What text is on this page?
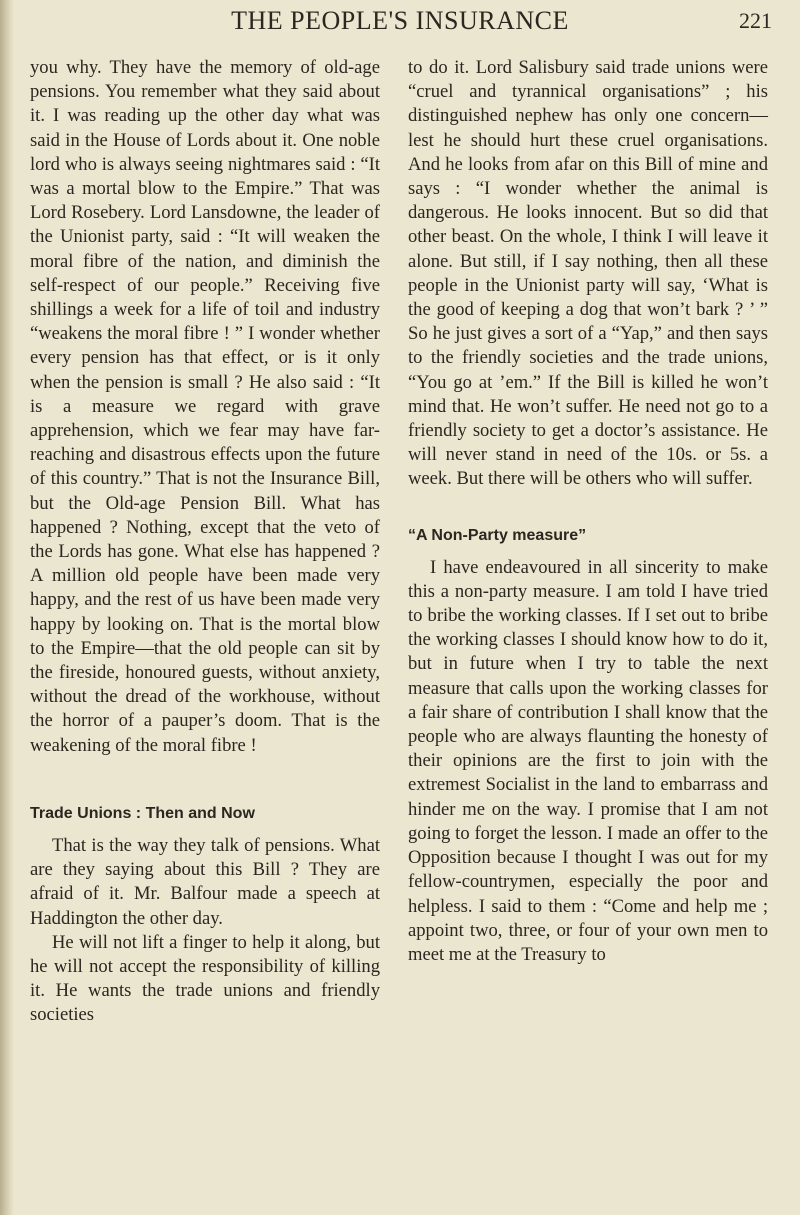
THE PEOPLE'S INSURANCE	221

you why. They have the memory of old-age pensions. You remember what they said about it. I was reading up the other day what was said in the House of Lords about it. One noble lord who is always seeing nightmares said : “It was a mortal blow to the Empire.” That was Lord Rosebery. Lord Lansdowne, the leader of the Unionist party, said : “It will weaken the moral fibre of the nation, and diminish the self-respect of our people.” Receiving five shillings a week for a life of toil and industry “weakens the moral fibre ! ” I wonder whether every pension has that effect, or is it only when the pension is small ? He also said : “It is a measure we regard with grave apprehension, which we fear may have far-reaching and disastrous effects upon the future of this country.” That is not the Insurance Bill, but the Old-age Pension Bill. What has happened ? Nothing, except that the veto of the Lords has gone. What else has happened ? A million old people have been made very happy, and the rest of us have been made very happy by looking on. That is the mortal blow to the Empire—that the old people can sit by the fireside, honoured guests, without anxiety, without the dread of the workhouse, without the horror of a pauper’s doom. That is the weakening of the moral fibre !

Trade Unions : Then and Now

That is the way they talk of pensions. What are they saying about this Bill ? They are afraid of it. Mr. Balfour made a speech at Haddington the other day.

He will not lift a finger to help it along, but he will not accept the responsibility of killing it. He wants the trade unions and friendly societies

to do it. Lord Salisbury said trade unions were “cruel and tyrannical organisations” ; his distinguished nephew has only one concern—lest he should hurt these cruel organisations. And he looks from afar on this Bill of mine and says : “I wonder whether the animal is dangerous. He looks innocent. But so did that other beast. On the whole, I think I will leave it alone. But still, if I say nothing, then all these people in the Unionist party will say, ‘What is the good of keeping a dog that won’t bark ? ’ ” So he just gives a sort of a “Yap,” and then says to the friendly societies and the trade unions, “You go at ’em.” If the Bill is killed he won’t mind that. He won’t suffer. He need not go to a friendly society to get a doctor’s assistance. He will never stand in need of the 10s. or 5s. a week. But there will be others who will suffer.

“A Non-Party measure”

I have endeavoured in all sincerity to make this a non-party measure. I am told I have tried to bribe the working classes. If I set out to bribe the working classes I should know how to do it, but in future when I try to table the next measure that calls upon the working classes for a fair share of contribution I shall know that the people who are always flaunting the honesty of their opinions are the first to join with the extremest Socialist in the land to embarrass and hinder me on the way. I promise that I am not going to forget the lesson. I made an offer to the Opposition because I thought I was out for my fellow-countrymen, especially the poor and helpless. I said to them : “Come and help me ; appoint two, three, or four of your own men to meet me at the Treasury to
